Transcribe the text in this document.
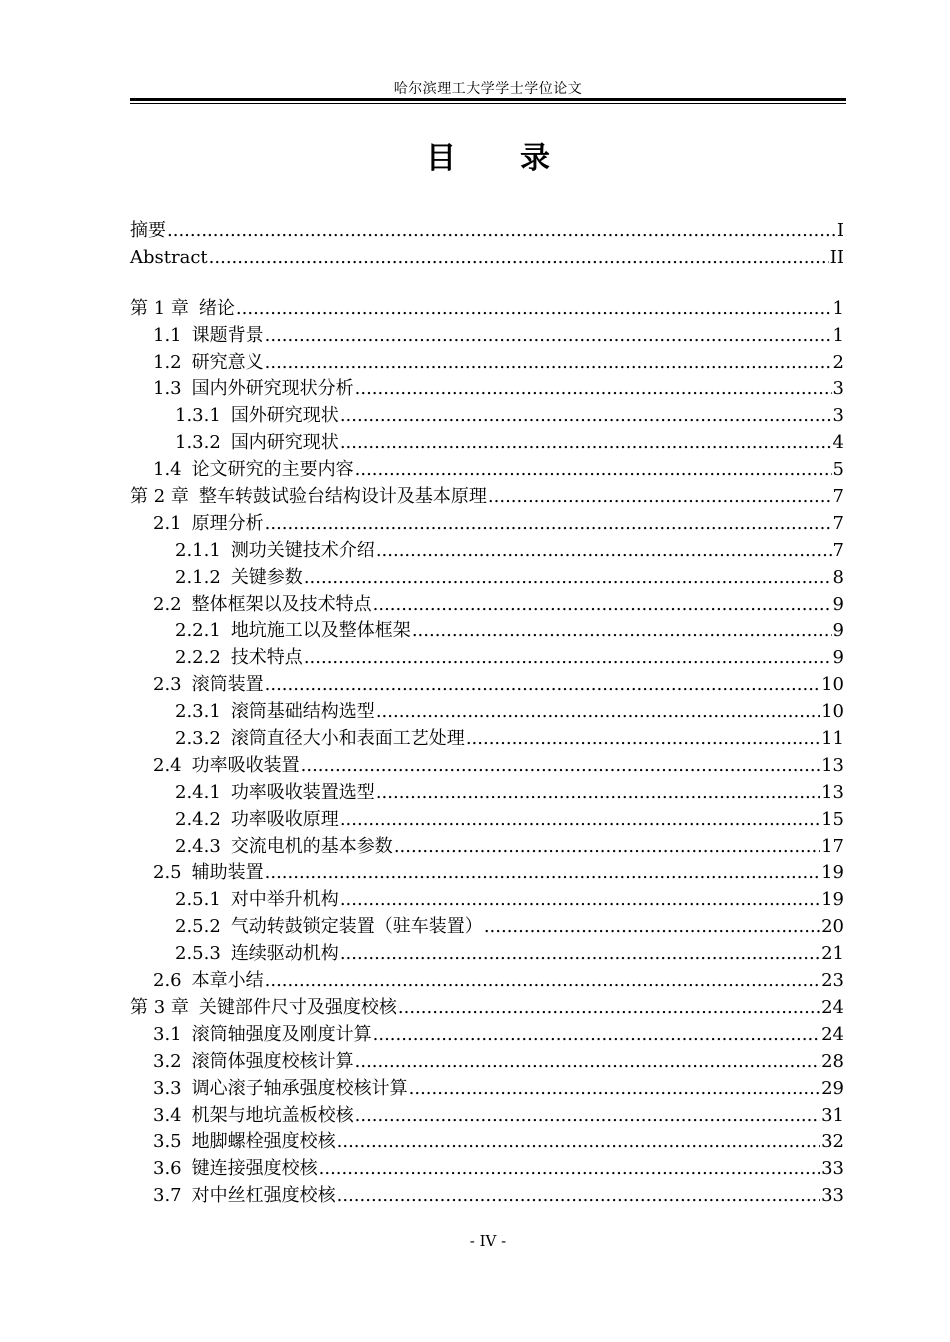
哈尔滨理工大学学士学位论文
目 录
摘要 .....	I
Abstract .....	II
第 1 章 绪论 .....	1
1.1 课题背景 .....	1
1.2 研究意义 .....	2
1.3 国内外研究现状分析 .....	3
1.3.1 国外研究现状 .....	3
1.3.2 国内研究现状 .....	4
1.4 论文研究的主要内容 .....	5
第 2 章 整车转鼓试验台结构设计及基本原理 .....	7
2.1 原理分析 .....	7
2.1.1 测功关键技术介绍 .....	7
2.1.2 关键参数 .....	8
2.2 整体框架以及技术特点 .....	9
2.2.1 地坑施工以及整体框架 .....	9
2.2.2 技术特点 .....	9
2.3 滚筒装置 .....	10
2.3.1 滚筒基础结构选型 .....	10
2.3.2 滚筒直径大小和表面工艺处理 .....	11
2.4 功率吸收装置 .....	13
2.4.1 功率吸收装置选型 .....	13
2.4.2 功率吸收原理 .....	15
2.4.3 交流电机的基本参数 .....	17
2.5 辅助装置 .....	19
2.5.1 对中举升机构 .....	19
2.5.2 气动转鼓锁定装置（驻车装置） .....	20
2.5.3 连续驱动机构 .....	21
2.6 本章小结 .....	23
第 3 章 关键部件尺寸及强度校核 .....	24
3.1 滚筒轴强度及刚度计算 .....	24
3.2 滚筒体强度校核计算 .....	28
3.3 调心滚子轴承强度校核计算 .....	29
3.4 机架与地坑盖板校核 .....	31
3.5 地脚螺栓强度校核 .....	32
3.6 键连接强度校核 .....	33
3.7 对中丝杠强度校核 .....	33
- IV -
